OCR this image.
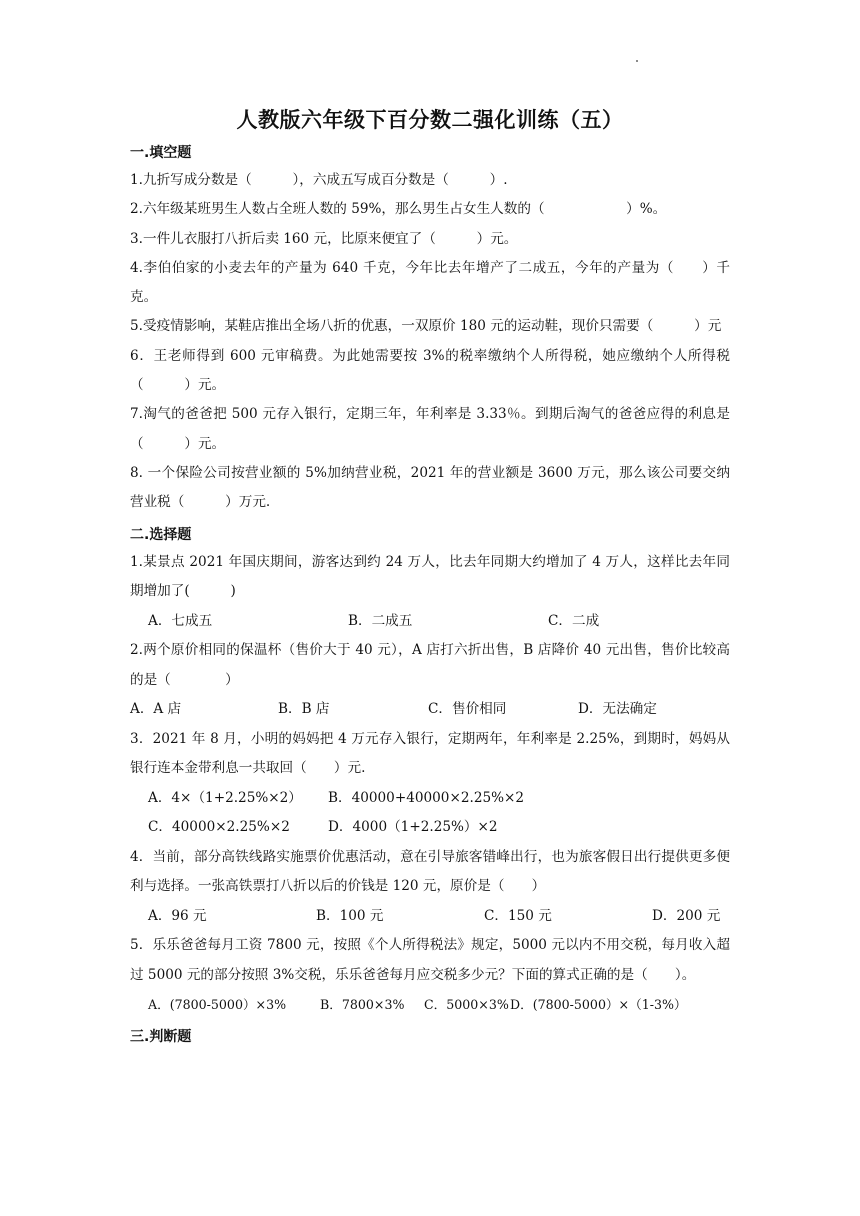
人教版六年级下百分数二强化训练（五）
一.填空题
1.九折写成分数是（　　　），六成五写成百分数是（　　　）.
2.六年级某班男生人数占全班人数的 59%，那么男生占女生人数的（　　　　　　）%。
3.一件儿衣服打八折后卖 160 元，比原来便宜了（　　　）元。
4.李伯伯家的小麦去年的产量为 640 千克，今年比去年增产了二成五，今年的产量为（　　）千克。
5.受疫情影响，某鞋店推出全场八折的优惠，一双原价 180 元的运动鞋，现价只需要（　　　）元
6．王老师得到 600 元审稿费。为此她需要按 3%的税率缴纳个人所得税，她应缴纳个人所得税（　　　）元。
7.淘气的爸爸把 500 元存入银行，定期三年，年利率是 3.33％。到期后淘气的爸爸应得的利息是（　　　）元。
8. 一个保险公司按营业额的 5%加纳营业税，2021 年的营业额是 3600 万元，那么该公司要交纳营业税（　　　）万元.
二.选择题
1.某景点 2021 年国庆期间，游客达到约 24 万人，比去年同期大约增加了 4 万人，这样比去年同期增加了(　　　)
A．七成五	B．二成五	C．二成
2.两个原价相同的保温杯（售价大于 40 元），A 店打六折出售，B 店降价 40 元出售，售价比较高的是（　　　　）
A．A 店	B．B 店	C．售价相同	D．无法确定
3．2021 年 8 月，小明的妈妈把 4 万元存入银行，定期两年，年利率是 2.25%，到期时，妈妈从银行连本金带利息一共取回（　　）元.
A．4×（1+2.25%×2）	B．40000+40000×2.25%×2
C．40000×2.25%×2	D．4000（1+2.25%）×2
4．当前，部分高铁线路实施票价优惠活动，意在引导旅客错峰出行，也为旅客假日出行提供更多便利与选择。一张高铁票打八折以后的价钱是 120 元，原价是（　　）
A．96 元	B．100 元	C．150 元	D．200 元
5．乐乐爸爸每月工资 7800 元，按照《个人所得税法》规定，5000 元以内不用交税，每月收入超过 5000 元的部分按照 3%交税，乐乐爸爸每月应交税多少元？下面的算式正确的是（　　）。
A．(7800-5000）×3%	B．7800×3%	C．5000×3% D．(7800-5000）×（1-3%）
三.判断题
